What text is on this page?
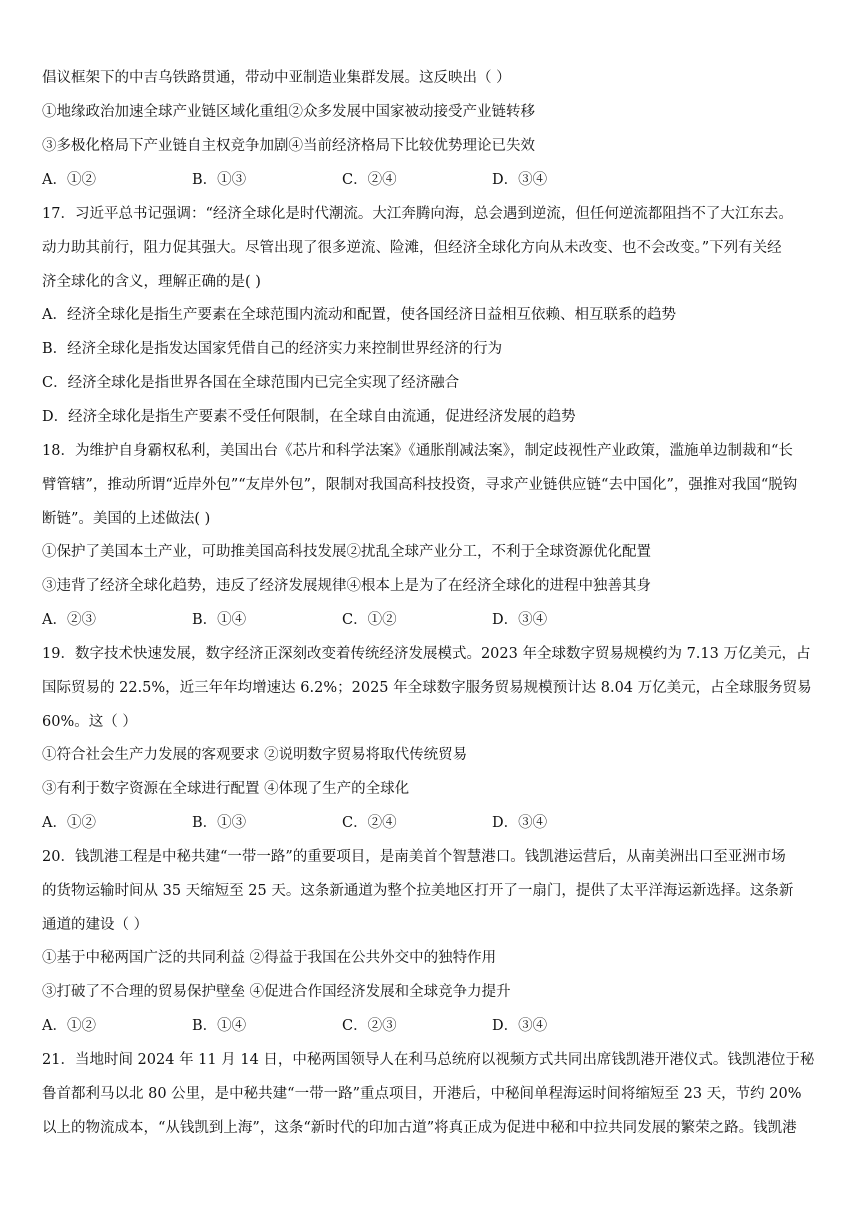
倡议框架下的中吉乌铁路贯通，带动中亚制造业集群发展。这反映出（ ）
①地缘政治加速全球产业链区域化重组②众多发展中国家被动接受产业链转移
③多极化格局下产业链自主权竞争加剧④当前经济格局下比较优势理论已失效
A．①②	B．①③	C．②④	D．③④
17．习近平总书记强调：“经济全球化是时代潮流。大江奔腾向海，总会遇到逆流，但任何逆流都阻挡不了大江东去。
动力助其前行，阻力促其强大。尽管出现了很多逆流、险滩，但经济全球化方向从未改变、也不会改变。”下列有关经
济全球化的含义，理解正确的是( )
A．经济全球化是指生产要素在全球范围内流动和配置，使各国经济日益相互依赖、相互联系的趋势
B．经济全球化是指发达国家凭借自己的经济实力来控制世界经济的行为
C．经济全球化是指世界各国在全球范围内已完全实现了经济融合
D．经济全球化是指生产要素不受任何限制，在全球自由流通，促进经济发展的趋势
18．为维护自身霸权私利，美国出台《芯片和科学法案》《通胀削减法案》，制定歧视性产业政策，滥施单边制裁和“长
臂管辖”，推动所谓“近岸外包”“友岸外包”，限制对我国高科技投资，寻求产业链供应链“去中国化”，强推对我国“脱钩
断链”。美国的上述做法( )
①保护了美国本土产业，可助推美国高科技发展②扰乱全球产业分工，不利于全球资源优化配置
③违背了经济全球化趋势，违反了经济发展规律④根本上是为了在经济全球化的进程中独善其身
A．②③	B．①④	C．①②	D．③④
19．数字技术快速发展，数字经济正深刻改变着传统经济发展模式。2023 年全球数字贸易规模约为 7.13 万亿美元，占
国际贸易的 22.5%，近三年年均增速达 6.2%；2025 年全球数字服务贸易规模预计达 8.04 万亿美元，占全球服务贸易
60%。这（ ）
①符合社会生产力发展的客观要求 ②说明数字贸易将取代传统贸易
③有利于数字资源在全球进行配置 ④体现了生产的全球化
A．①②	B．①③	C．②④	D．③④
20．钱凯港工程是中秘共建“一带一路”的重要项目，是南美首个智慧港口。钱凯港运营后，从南美洲出口至亚洲市场
的货物运输时间从 35 天缩短至 25 天。这条新通道为整个拉美地区打开了一扇门，提供了太平洋海运新选择。这条新
通道的建设（ ）
①基于中秘两国广泛的共同利益 ②得益于我国在公共外交中的独特作用
③打破了不合理的贸易保护壁垒 ④促进合作国经济发展和全球竞争力提升
A．①②	B．①④	C．②③	D．③④
21．当地时间 2024 年 11 月 14 日，中秘两国领导人在利马总统府以视频方式共同出席钱凯港开港仪式。钱凯港位于秘
鲁首都利马以北 80 公里，是中秘共建“一带一路”重点项目，开港后，中秘间单程海运时间将缩短至 23 天，节约 20%
以上的物流成本，“从钱凯到上海”，这条“新时代的印加古道”将真正成为促进中秘和中拉共同发展的繁荣之路。钱凯港
